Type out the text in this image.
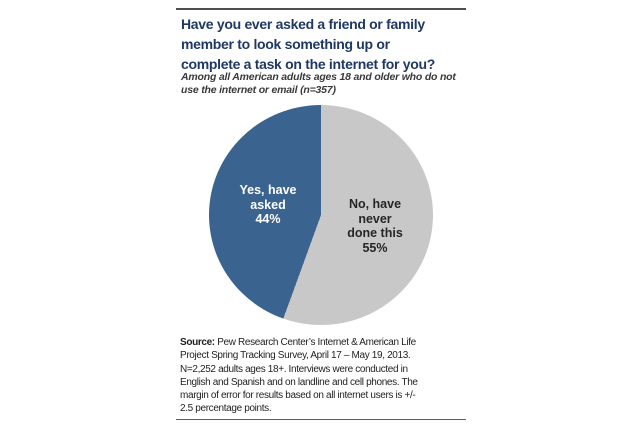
Have you ever asked a friend or family
member to look something up or
complete a task on the internet for you?
Among all American adults ages 18 and older who do not
use the internet or email (n=357)
Yes, have asked
44%
No, have never done this
55%
Source: Pew Research Center’s Internet & American Life
Project Spring Tracking Survey, April 17 – May 19, 2013.
N=2,252 adults ages 18+. Interviews were conducted in
English and Spanish and on landline and cell phones. The
margin of error for results based on all internet users is +/-
2.5 percentage points.
